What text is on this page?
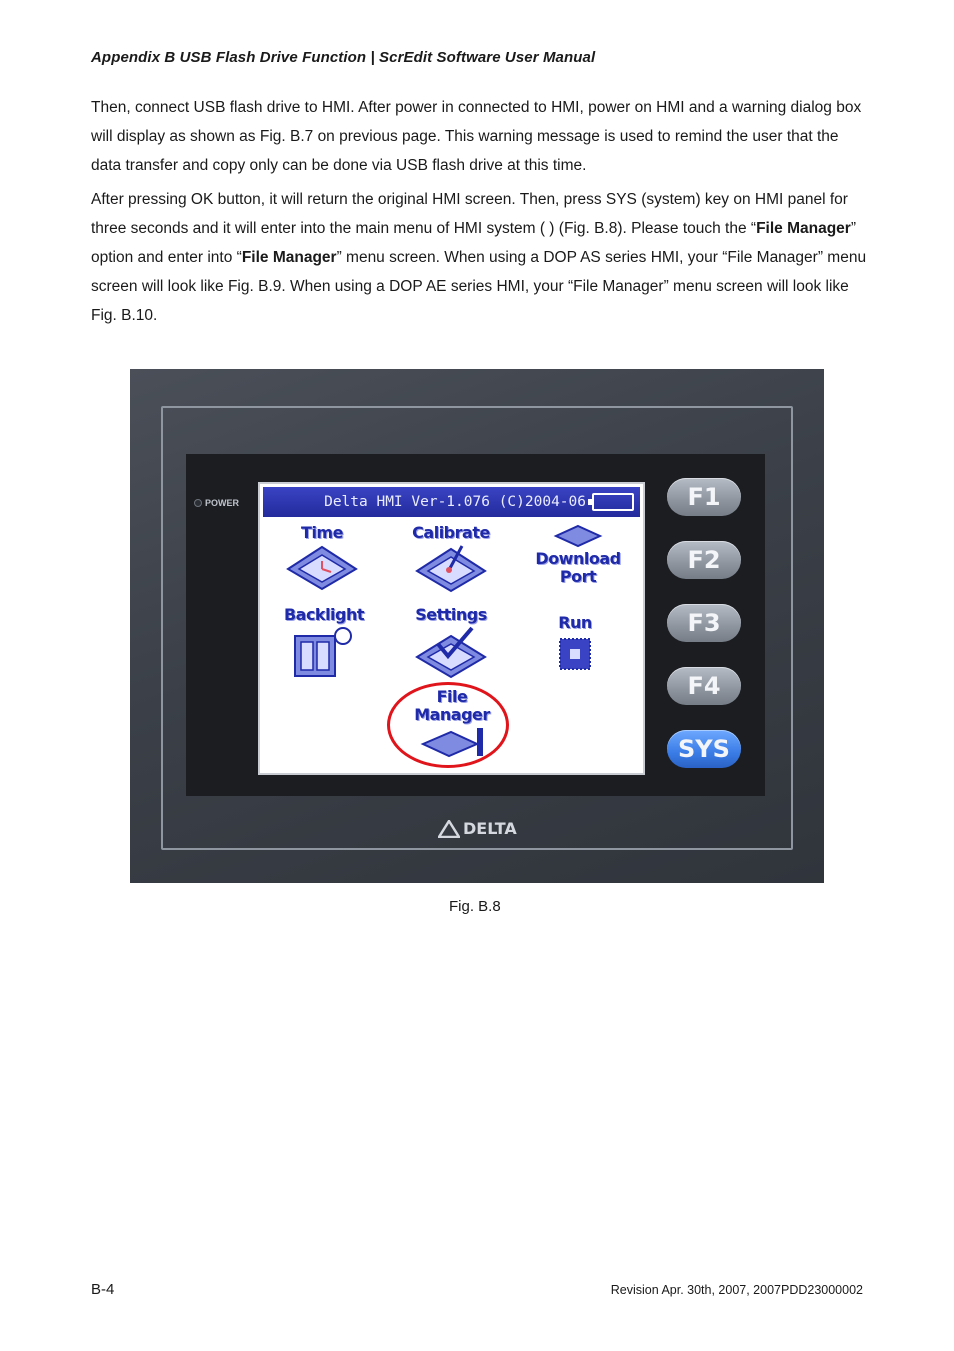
Appendix B USB Flash Drive Function | ScrEdit Software User Manual

Then, connect USB flash drive to HMI. After power in connected to HMI, power on HMI and a warning dialog box will display as shown as Fig. B.7 on previous page. This warning message is used to remind the user that the data transfer and copy only can be done via USB flash drive at this time.

After pressing OK button, it will return the original HMI screen. Then, press SYS (system) key on HMI panel for three seconds and it will enter into the main menu of HMI system ( ) (Fig. B.8). Please touch the “File Manager” option and enter into “File Manager” menu screen. When using a DOP AS series HMI, your “File Manager” menu screen will look like Fig. B.9. When using a DOP AE series HMI, your “File Manager” menu screen will look like Fig. B.10.

POWER	Delta HMI Ver-1.076 (C)2004-06
Time	Calibrate
Download
Port
Backlight	Settings	Run
File
Manager
F1
F2
F3
F4
SYS
DELTA
Fig. B.8
B-4	Revision Apr. 30th, 2007, 2007PDD23000002
